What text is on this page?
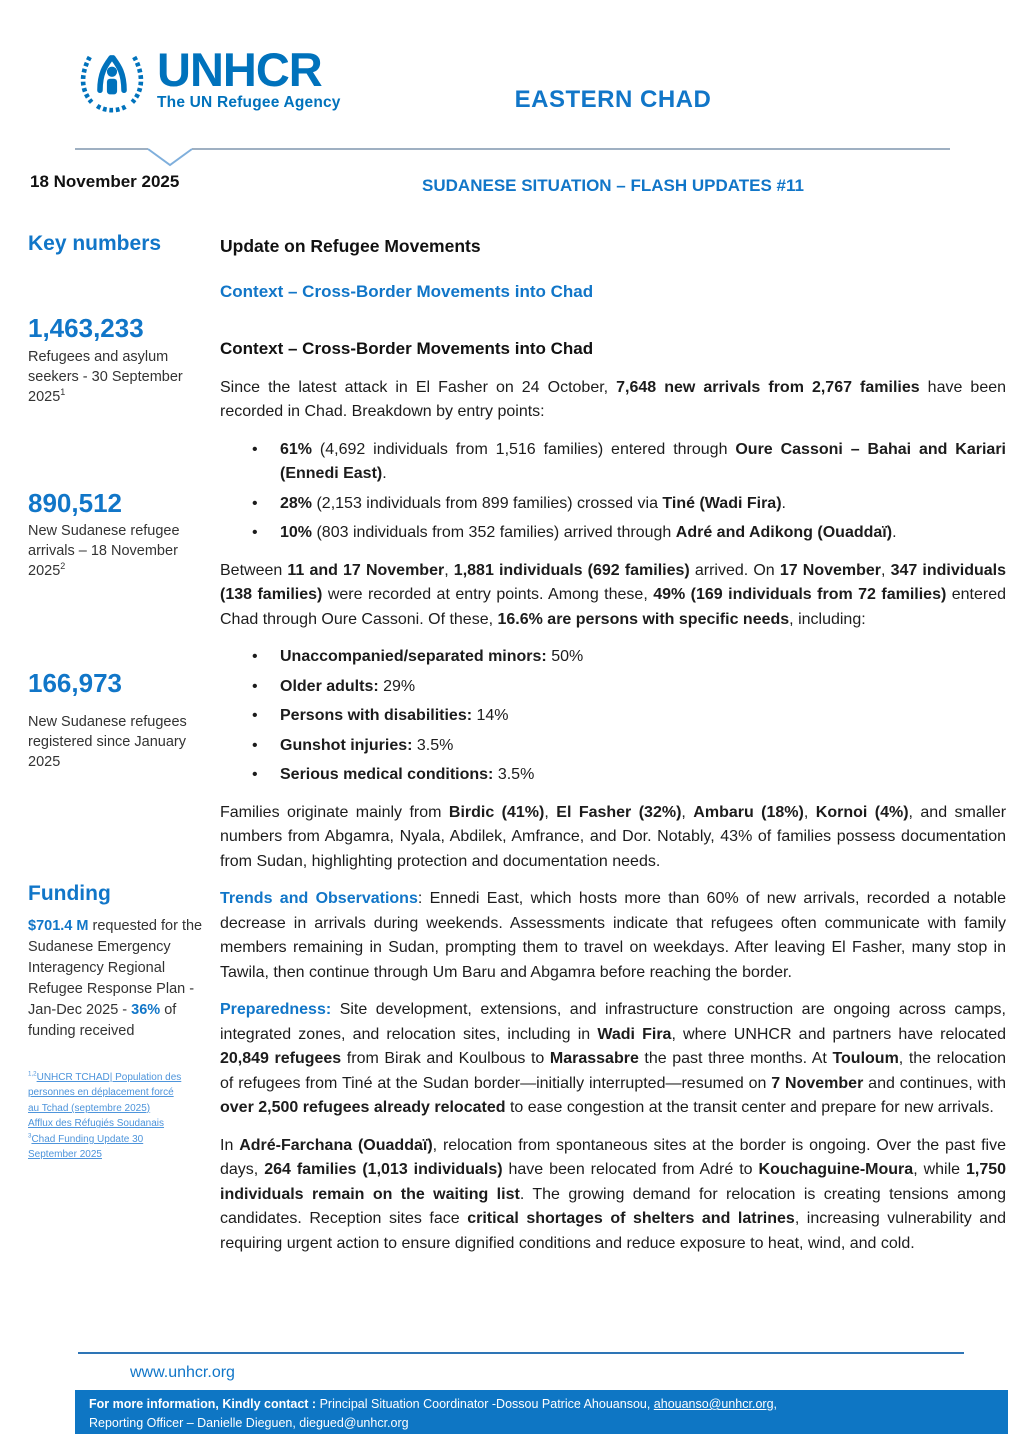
UNHCR
The UN Refugee Agency	EASTERN CHAD
18 November 2025	SUDANESE SITUATION – FLASH UPDATES #11
Key numbers
1,463,233
Refugees and asylum seekers - 30 September 2025$^1$
890,512
New Sudanese refugee arrivals – 18 November 2025$^2$
166,973
New Sudanese refugees registered since January 2025
Funding
$701.4 M requested for the Sudanese Emergency Interagency Regional Refugee Response Plan - Jan-Dec 2025 - 36% of funding received
$^{1,2}$UNHCR TCHAD| Population des personnes en déplacement forcé au Tchad (septembre 2025)
Afflux des Réfugiés Soudanais
$^3$Chad Funding Update 30 September 2025
Update on Refugee Movements
Context – Cross-Border Movements into Chad
Context – Cross-Border Movements into Chad

Since the latest attack in El Fasher on 24 October, 7,648 new arrivals from 2,767 families have been recorded in Chad. Breakdown by entry points:

• 61% (4,692 individuals from 1,516 families) entered through Oure Cassoni – Bahai and Kariari (Ennedi East).
• 28% (2,153 individuals from 899 families) crossed via Tiné (Wadi Fira).
• 10% (803 individuals from 352 families) arrived through Adré and Adikong (Ouaddaï).

Between 11 and 17 November, 1,881 individuals (692 families) arrived. On 17 November, 347 individuals (138 families) were recorded at entry points. Among these, 49% (169 individuals from 72 families) entered Chad through Oure Cassoni. Of these, 16.6% are persons with specific needs, including:

• Unaccompanied/separated minors: 50%
• Older adults: 29%
• Persons with disabilities: 14%
• Gunshot injuries: 3.5%
• Serious medical conditions: 3.5%

Families originate mainly from Birdic (41%), El Fasher (32%), Ambaru (18%), Kornoi (4%), and smaller numbers from Abgamra, Nyala, Abdilek, Amfrance, and Dor. Notably, 43% of families possess documentation from Sudan, highlighting protection and documentation needs.

Trends and Observations: Ennedi East, which hosts more than 60% of new arrivals, recorded a notable decrease in arrivals during weekends. Assessments indicate that refugees often communicate with family members remaining in Sudan, prompting them to travel on weekdays. After leaving El Fasher, many stop in Tawila, then continue through Um Baru and Abgamra before reaching the border.

Preparedness: Site development, extensions, and infrastructure construction are ongoing across camps, integrated zones, and relocation sites, including in Wadi Fira, where UNHCR and partners have relocated 20,849 refugees from Birak and Koulbous to Marassabre the past three months. At Touloum, the relocation of refugees from Tiné at the Sudan border—initially interrupted—resumed on 7 November and continues, with over 2,500 refugees already relocated to ease congestion at the transit center and prepare for new arrivals.

In Adré-Farchana (Ouaddaï), relocation from spontaneous sites at the border is ongoing. Over the past five days, 264 families (1,013 individuals) have been relocated from Adré to Kouchaguine-Moura, while 1,750 individuals remain on the waiting list. The growing demand for relocation is creating tensions among candidates. Reception sites face critical shortages of shelters and latrines, increasing vulnerability and requiring urgent action to ensure dignified conditions and reduce exposure to heat, wind, and cold.

www.unhcr.org
For more information, Kindly contact : Principal Situation Coordinator -Dossou Patrice Ahouansou, ahouanso@unhcr.org,
Reporting Officer – Danielle Dieguen, diegued@unhcr.org
